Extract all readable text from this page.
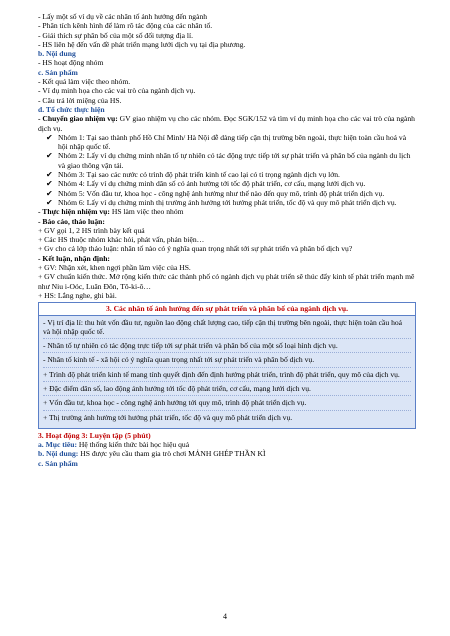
- Lấy một số ví dụ về các nhân tố ảnh hưởng đến ngành
- Phân tích kênh hình để làm rõ tác động của các nhân tố.
- Giải thích sự phân bố của một số đối tượng địa lí.
- HS liên hệ đến vấn đề phát triển mạng lưới dịch vụ tại địa phương.
b. Nội dung
- HS hoạt động nhóm
c. Sản phẩm
- Kết quả làm việc theo nhóm.
- Ví dụ minh họa cho các vai trò của ngành dịch vụ.
- Câu trả lời miệng của HS.
d. Tổ chức thực hiện
- Chuyển giao nhiệm vụ: GV giao nhiệm vụ cho các nhóm. Đọc SGK/152 và tìm ví dụ minh họa cho các vai trò của ngành dịch vụ.
✔ Nhóm 1: Tại sao thành phố Hồ Chí Minh/ Hà Nội dễ dàng tiếp cận thị trường bên ngoài, thực hiện toàn cầu hoá và hội nhập quốc tế.
✔ Nhóm 2: Lấy ví dụ chứng minh nhân tố tự nhiên có tác động trực tiếp tới sự phát triển và phân bố của ngành du lịch và giao thông vận tải.
✔ Nhóm 3: Tại sao các nước có trình độ phát triển kinh tế cao lại có tỉ trọng ngành dịch vụ lớn.
✔ Nhóm 4: Lấy ví dụ chứng minh dân số có ảnh hưởng tới tốc độ phát triển, cơ cấu, mạng lưới dịch vụ.
✔ Nhóm 5: Vốn đầu tư, khoa học - công nghệ ảnh hưởng như thế nào đến quy mô, trình độ phát triển dịch vụ.
✔ Nhóm 6: Lấy ví dụ chứng minh thị trường ảnh hưởng tới hướng phát triển, tốc độ và quy mô phát triển dịch vụ.
- Thực hiện nhiệm vụ: HS làm việc theo nhóm
- Báo cáo, thảo luận:
+ GV gọi 1, 2 HS trình bày kết quả
+ Các HS thuộc nhóm khác hỏi, phát vấn, phản biện…
+ Gv cho cả lớp thảo luận: nhân tố nào có ý nghĩa quan trọng nhất tới sự phát triển và phân bố dịch vụ?
- Kết luận, nhận định:
+ GV: Nhận xét, khen ngợi phần làm việc của HS.
+ GV chuẩn kiến thức. Mở rộng kiến thức các thành phố có ngành dịch vụ phát triển sẽ thúc đẩy kinh tế phát triển mạnh mẽ như Niu i-Oóc, Luân Đôn, Tô-ki-ô…
+ HS: Lắng nghe, ghi bài.
3. Các nhân tố ảnh hưởng đến sự phát triển và phân bố của ngành dịch vụ.

- Vị trí địa lí: thu hút vốn đầu tư, nguồn lao động chất lượng cao, tiếp cận thị trường bên ngoài, thực hiện toàn cầu hoá và hội nhập quốc tế.

- Nhân tố tự nhiên có tác động trực tiếp tới sự phát triển và phân bố của một số loại hình dịch vụ.

- Nhân tố kinh tế - xã hội có ý nghĩa quan trọng nhất tới sự phát triển và phân bố dịch vụ.

+ Trình độ phát triển kinh tế mang tính quyết định đến định hướng phát triển, trình độ phát triển, quy mô của dịch vụ.

+ Đặc điểm dân số, lao động ảnh hưởng tới tốc độ phát triển, cơ cấu, mạng lưới dịch vụ.

+ Vốn đầu tư, khoa học - công nghệ ảnh hưởng tới quy mô, trình độ phát triển dịch vụ.

+ Thị trường ảnh hưởng tới hướng phát triển, tốc độ và quy mô phát triển dịch vụ.

3. Hoạt động 3: Luyện tập (5 phút)
a. Mục tiêu: Hệ thống kiến thức bài học hiệu quả
b. Nội dung: HS được yêu cầu tham gia trò chơi MẢNH GHÉP THẦN KÌ
c. Sản phẩm
4
